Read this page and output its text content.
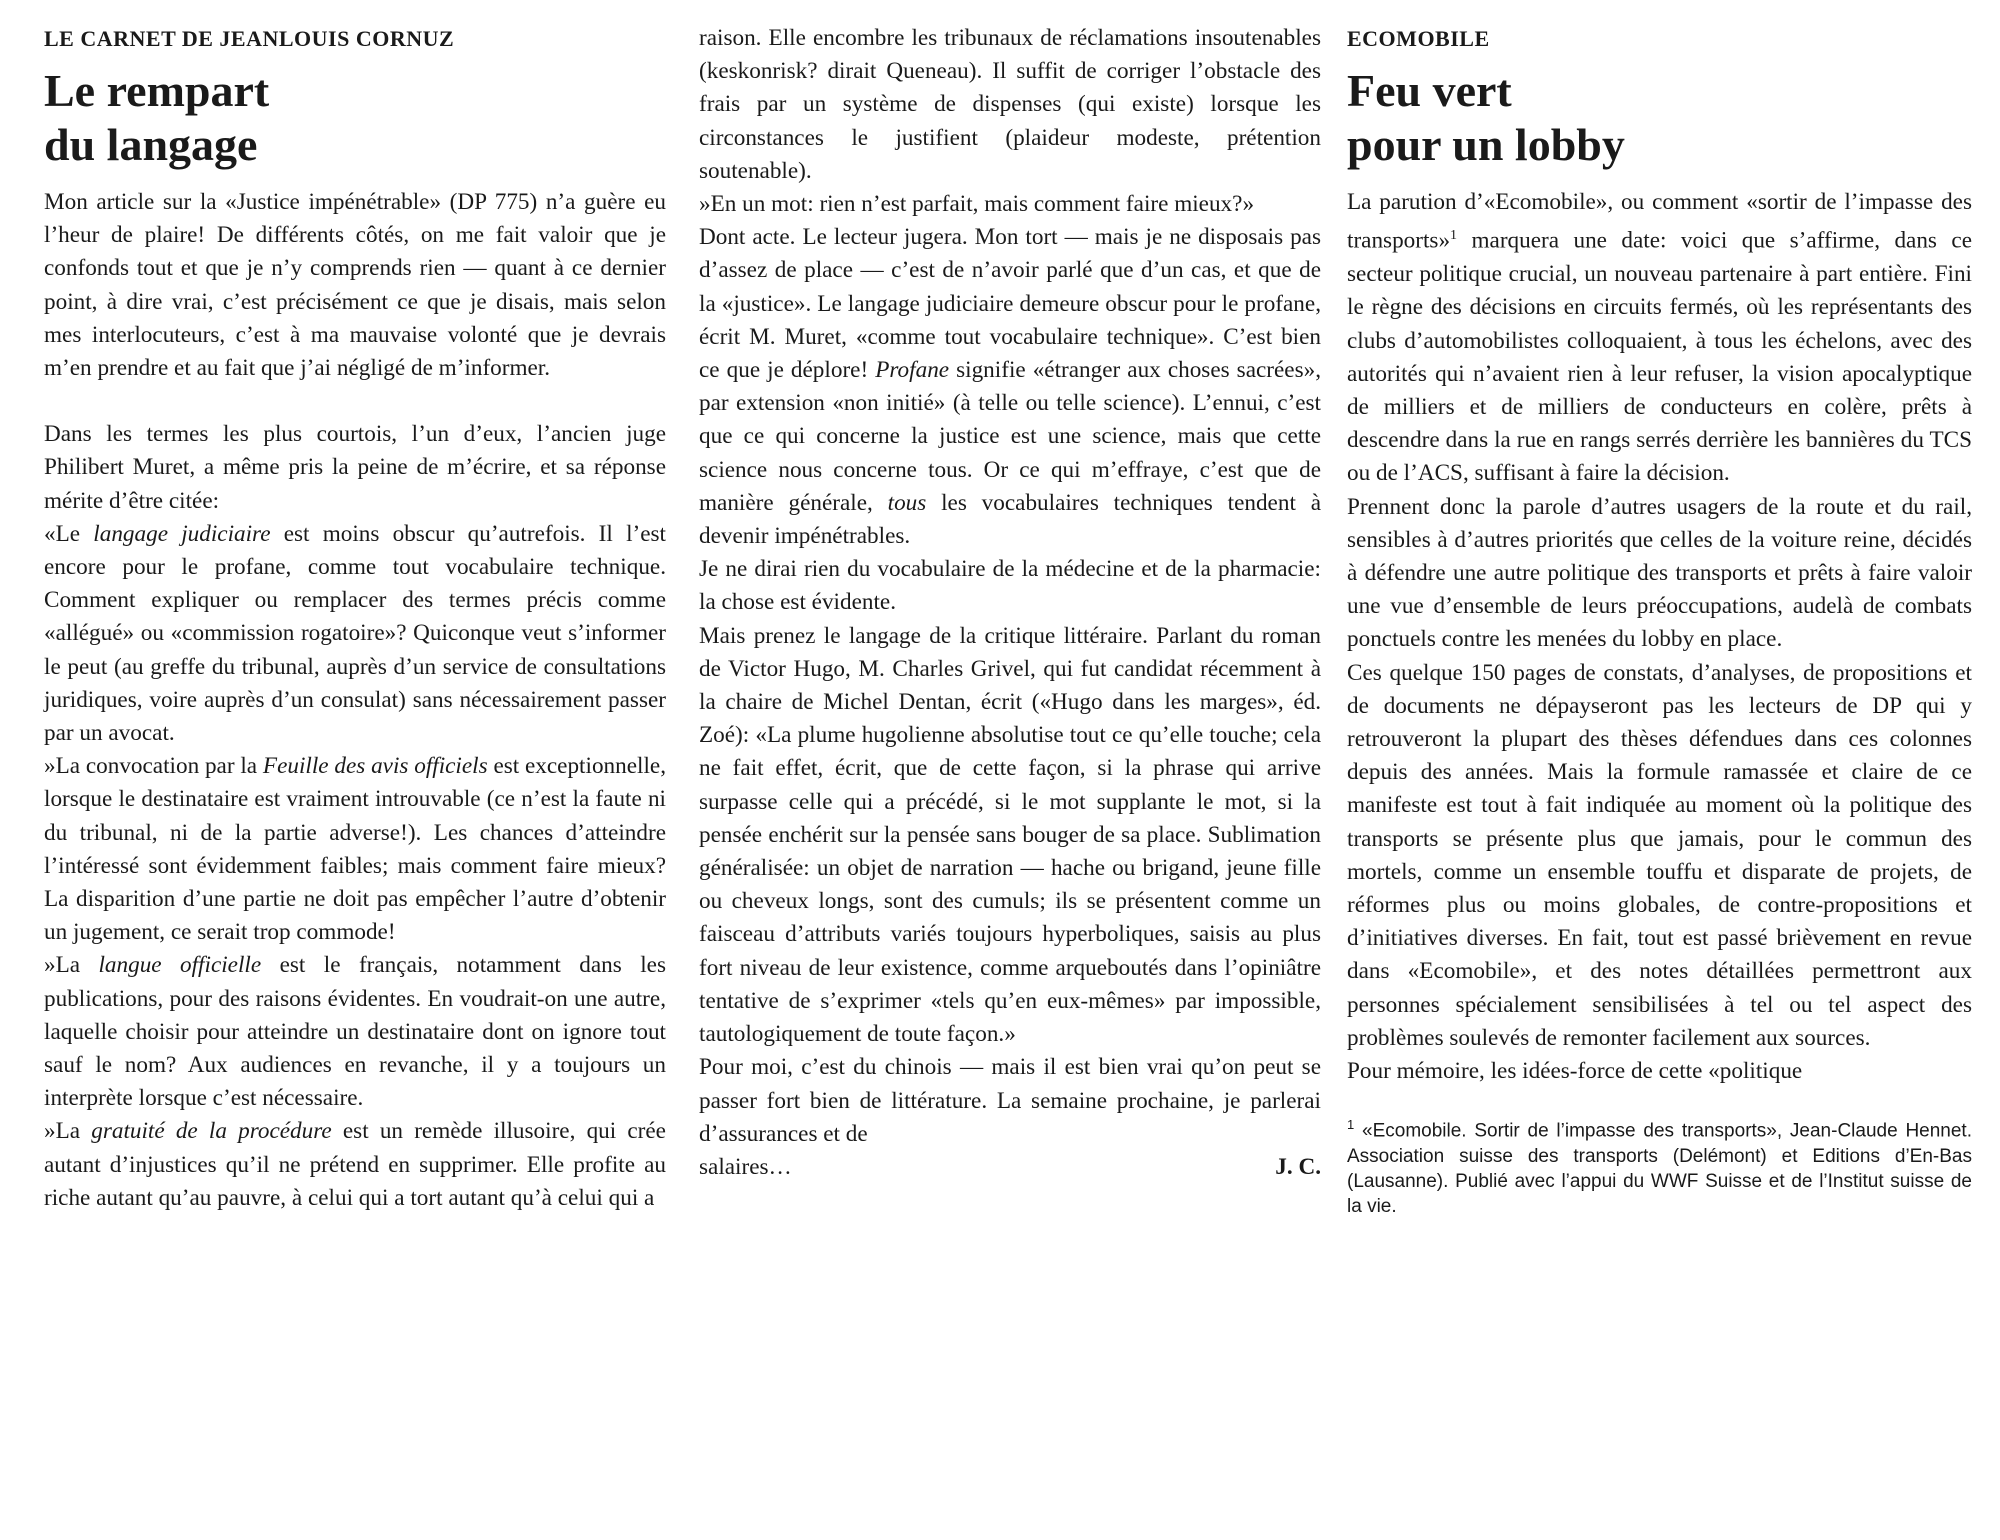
LE CARNET DE JEANLOUIS CORNUZ
Le rempart
du langage

Mon article sur la «Justice impénétrable» (DP 775) n’a guère eu l’heur de plaire! De différents côtés, on me fait valoir que je confonds tout et que je n’y comprends rien — quant à ce dernier point, à dire vrai, c’est précisément ce que je disais, mais selon mes interlocuteurs, c’est à ma mauvaise volonté que je devrais m’en prendre et au fait que j’ai négligé de m’informer.

Dans les termes les plus courtois, l’un d’eux, l’ancien juge Philibert Muret, a même pris la peine de m’écrire, et sa réponse mérite d’être citée:

«Le langage judiciaire est moins obscur qu’autrefois. Il l’est encore pour le profane, comme tout vocabulaire technique. Comment expliquer ou remplacer des termes précis comme «allégué» ou «commission rogatoire»? Quiconque veut s’informer le peut (au greffe du tribunal, auprès d’un service de consultations juridiques, voire auprès d’un consulat) sans nécessairement passer par un avocat.

»La convocation par la Feuille des avis officiels est exceptionnelle, lorsque le destinataire est vraiment introuvable (ce n’est la faute ni du tribunal, ni de la partie adverse!). Les chances d’atteindre l’intéressé sont évidemment faibles; mais comment faire mieux? La disparition d’une partie ne doit pas empêcher l’autre d’obtenir un jugement, ce serait trop commode!

»La langue officielle est le français, notamment dans les publications, pour des raisons évidentes. En voudrait-on une autre, laquelle choisir pour atteindre un destinataire dont on ignore tout sauf le nom? Aux audiences en revanche, il y a toujours un interprète lorsque c’est nécessaire.

»La gratuité de la procédure est un remède illusoire, qui crée autant d’injustices qu’il ne prétend en supprimer. Elle profite au riche autant qu’au pauvre, à celui qui a tort autant qu’à celui qui a

raison. Elle encombre les tribunaux de réclamations insoutenables (keskonrisk? dirait Queneau). Il suffit de corriger l’obstacle des frais par un système de dispenses (qui existe) lorsque les circonstances le justifient (plaideur modeste, prétention soutenable).

»En un mot: rien n’est parfait, mais comment faire mieux?»

Dont acte. Le lecteur jugera. Mon tort — mais je ne disposais pas d’assez de place — c’est de n’avoir parlé que d’un cas, et que de la «justice». Le langage judiciaire demeure obscur pour le profane, écrit M. Muret, «comme tout vocabulaire technique». C’est bien ce que je déplore! Profane signifie «étranger aux choses sacrées», par extension «non initié» (à telle ou telle science). L’ennui, c’est que ce qui concerne la justice est une science, mais que cette science nous concerne tous. Or ce qui m’effraye, c’est que de manière générale, tous les vocabulaires techniques tendent à devenir impénétrables.

Je ne dirai rien du vocabulaire de la médecine et de la pharmacie: la chose est évidente.

Mais prenez le langage de la critique littéraire. Parlant du roman de Victor Hugo, M. Charles Grivel, qui fut candidat récemment à la chaire de Michel Dentan, écrit («Hugo dans les marges», éd. Zoé): «La plume hugolienne absolutise tout ce qu’elle touche; cela ne fait effet, écrit, que de cette façon, si la phrase qui arrive surpasse celle qui a précédé, si le mot supplante le mot, si la pensée enchérit sur la pensée sans bouger de sa place. Sublimation généralisée: un objet de narration — hache ou brigand, jeune fille ou cheveux longs, sont des cumuls; ils se présentent comme un faisceau d’attributs variés toujours hyperboliques, saisis au plus fort niveau de leur existence, comme arqueboutés dans l’opiniâtre tentative de s’exprimer «tels qu’en eux-mêmes» par impossible, tautologiquement de toute façon.»

Pour moi, c’est du chinois — mais il est bien vrai qu’on peut se passer fort bien de littérature. La semaine prochaine, je parlerai d’assurances et de

salaires…	J. C.
ECOMOBILE
Feu vert
pour un lobby

La parution d’«Ecomobile», ou comment «sortir de l’impasse des transports»$^1$ marquera une date: voici que s’affirme, dans ce secteur politique crucial, un nouveau partenaire à part entière. Fini le règne des décisions en circuits fermés, où les représentants des clubs d’automobilistes colloquaient, à tous les échelons, avec des autorités qui n’avaient rien à leur refuser, la vision apocalyptique de milliers et de milliers de conducteurs en colère, prêts à descendre dans la rue en rangs serrés derrière les bannières du TCS ou de l’ACS, suffisant à faire la décision.

Prennent donc la parole d’autres usagers de la route et du rail, sensibles à d’autres priorités que celles de la voiture reine, décidés à défendre une autre politique des transports et prêts à faire valoir une vue d’ensemble de leurs préoccupations, audelà de combats ponctuels contre les menées du lobby en place.

Ces quelque 150 pages de constats, d’analyses, de propositions et de documents ne dépayseront pas les lecteurs de DP qui y retrouveront la plupart des thèses défendues dans ces colonnes depuis des années. Mais la formule ramassée et claire de ce manifeste est tout à fait indiquée au moment où la politique des transports se présente plus que jamais, pour le commun des mortels, comme un ensemble touffu et disparate de projets, de réformes plus ou moins globales, de contre-propositions et d’initiatives diverses. En fait, tout est passé brièvement en revue dans «Ecomobile», et des notes détaillées permettront aux personnes spécialement sensibilisées à tel ou tel aspect des problèmes soulevés de remonter facilement aux sources.

Pour mémoire, les idées-force de cette «politique

$^1$ «Ecomobile. Sortir de l’impasse des transports», Jean-Claude Hennet. Association suisse des transports (Delémont) et Editions d’En-Bas (Lausanne). Publié avec l’appui du WWF Suisse et de l’Institut suisse de la vie.
